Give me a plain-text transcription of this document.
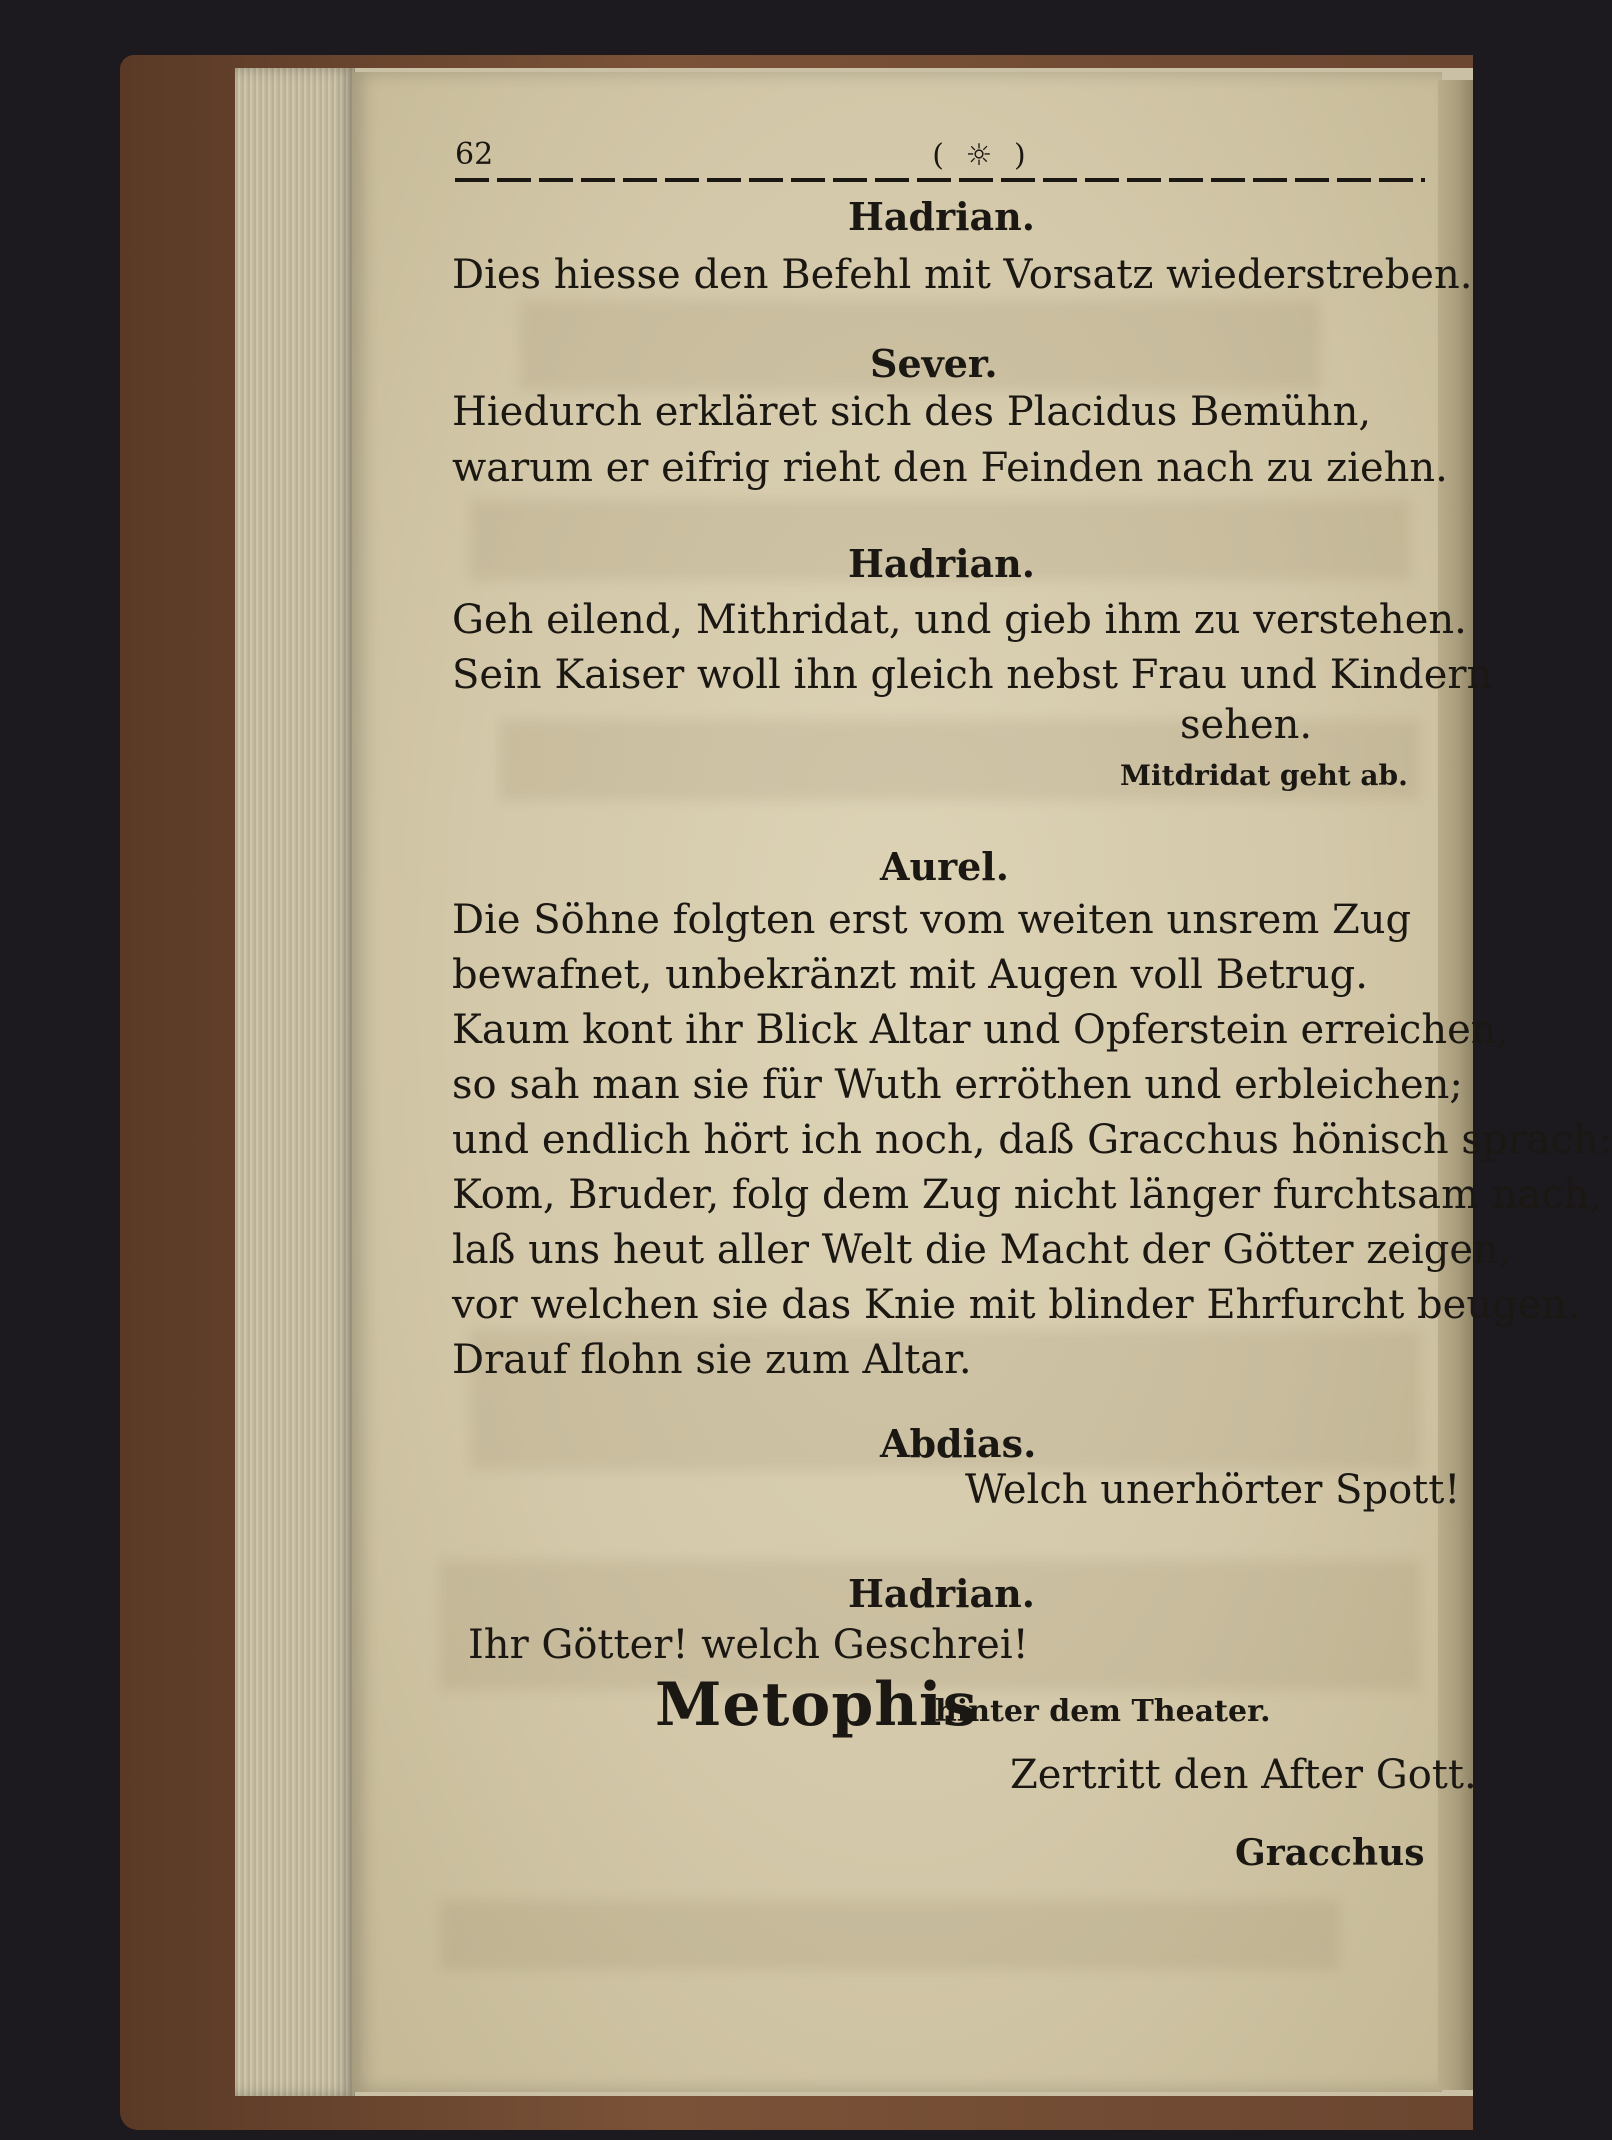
62	( ☼ )
Hadrian.
Dies hiesse den Befehl mit Vorsatz wiederstreben.
Sever.
Hiedurch erkläret sich des Placidus Bemühn,
warum er eifrig rieht den Feinden nach zu ziehn.
Hadrian.
Geh eilend, Mithridat, und gieb ihm zu verstehen.
Sein Kaiser woll ihn gleich nebst Frau und Kindern
sehen.
Mitdridat geht ab.
Aurel.
Die Söhne folgten erst vom weiten unsrem Zug
bewafnet, unbekränzt mit Augen voll Betrug.
Kaum kont ihr Blick Altar und Opferstein erreichen,
so sah man sie für Wuth erröthen und erbleichen;
und endlich hört ich noch, daß Gracchus hönisch sprach:
Kom, Bruder, folg dem Zug nicht länger furchtsam nach,
laß uns heut aller Welt die Macht der Götter zeigen,
vor welchen sie das Knie mit blinder Ehrfurcht beugen.
Drauf flohn sie zum Altar.
Abdias.
Welch unerhörter Spott!
Hadrian.
Ihr Götter! welch Geschrei!
Metophis
hinter dem Theater.
Zertritt den After Gott.
Gracchus
